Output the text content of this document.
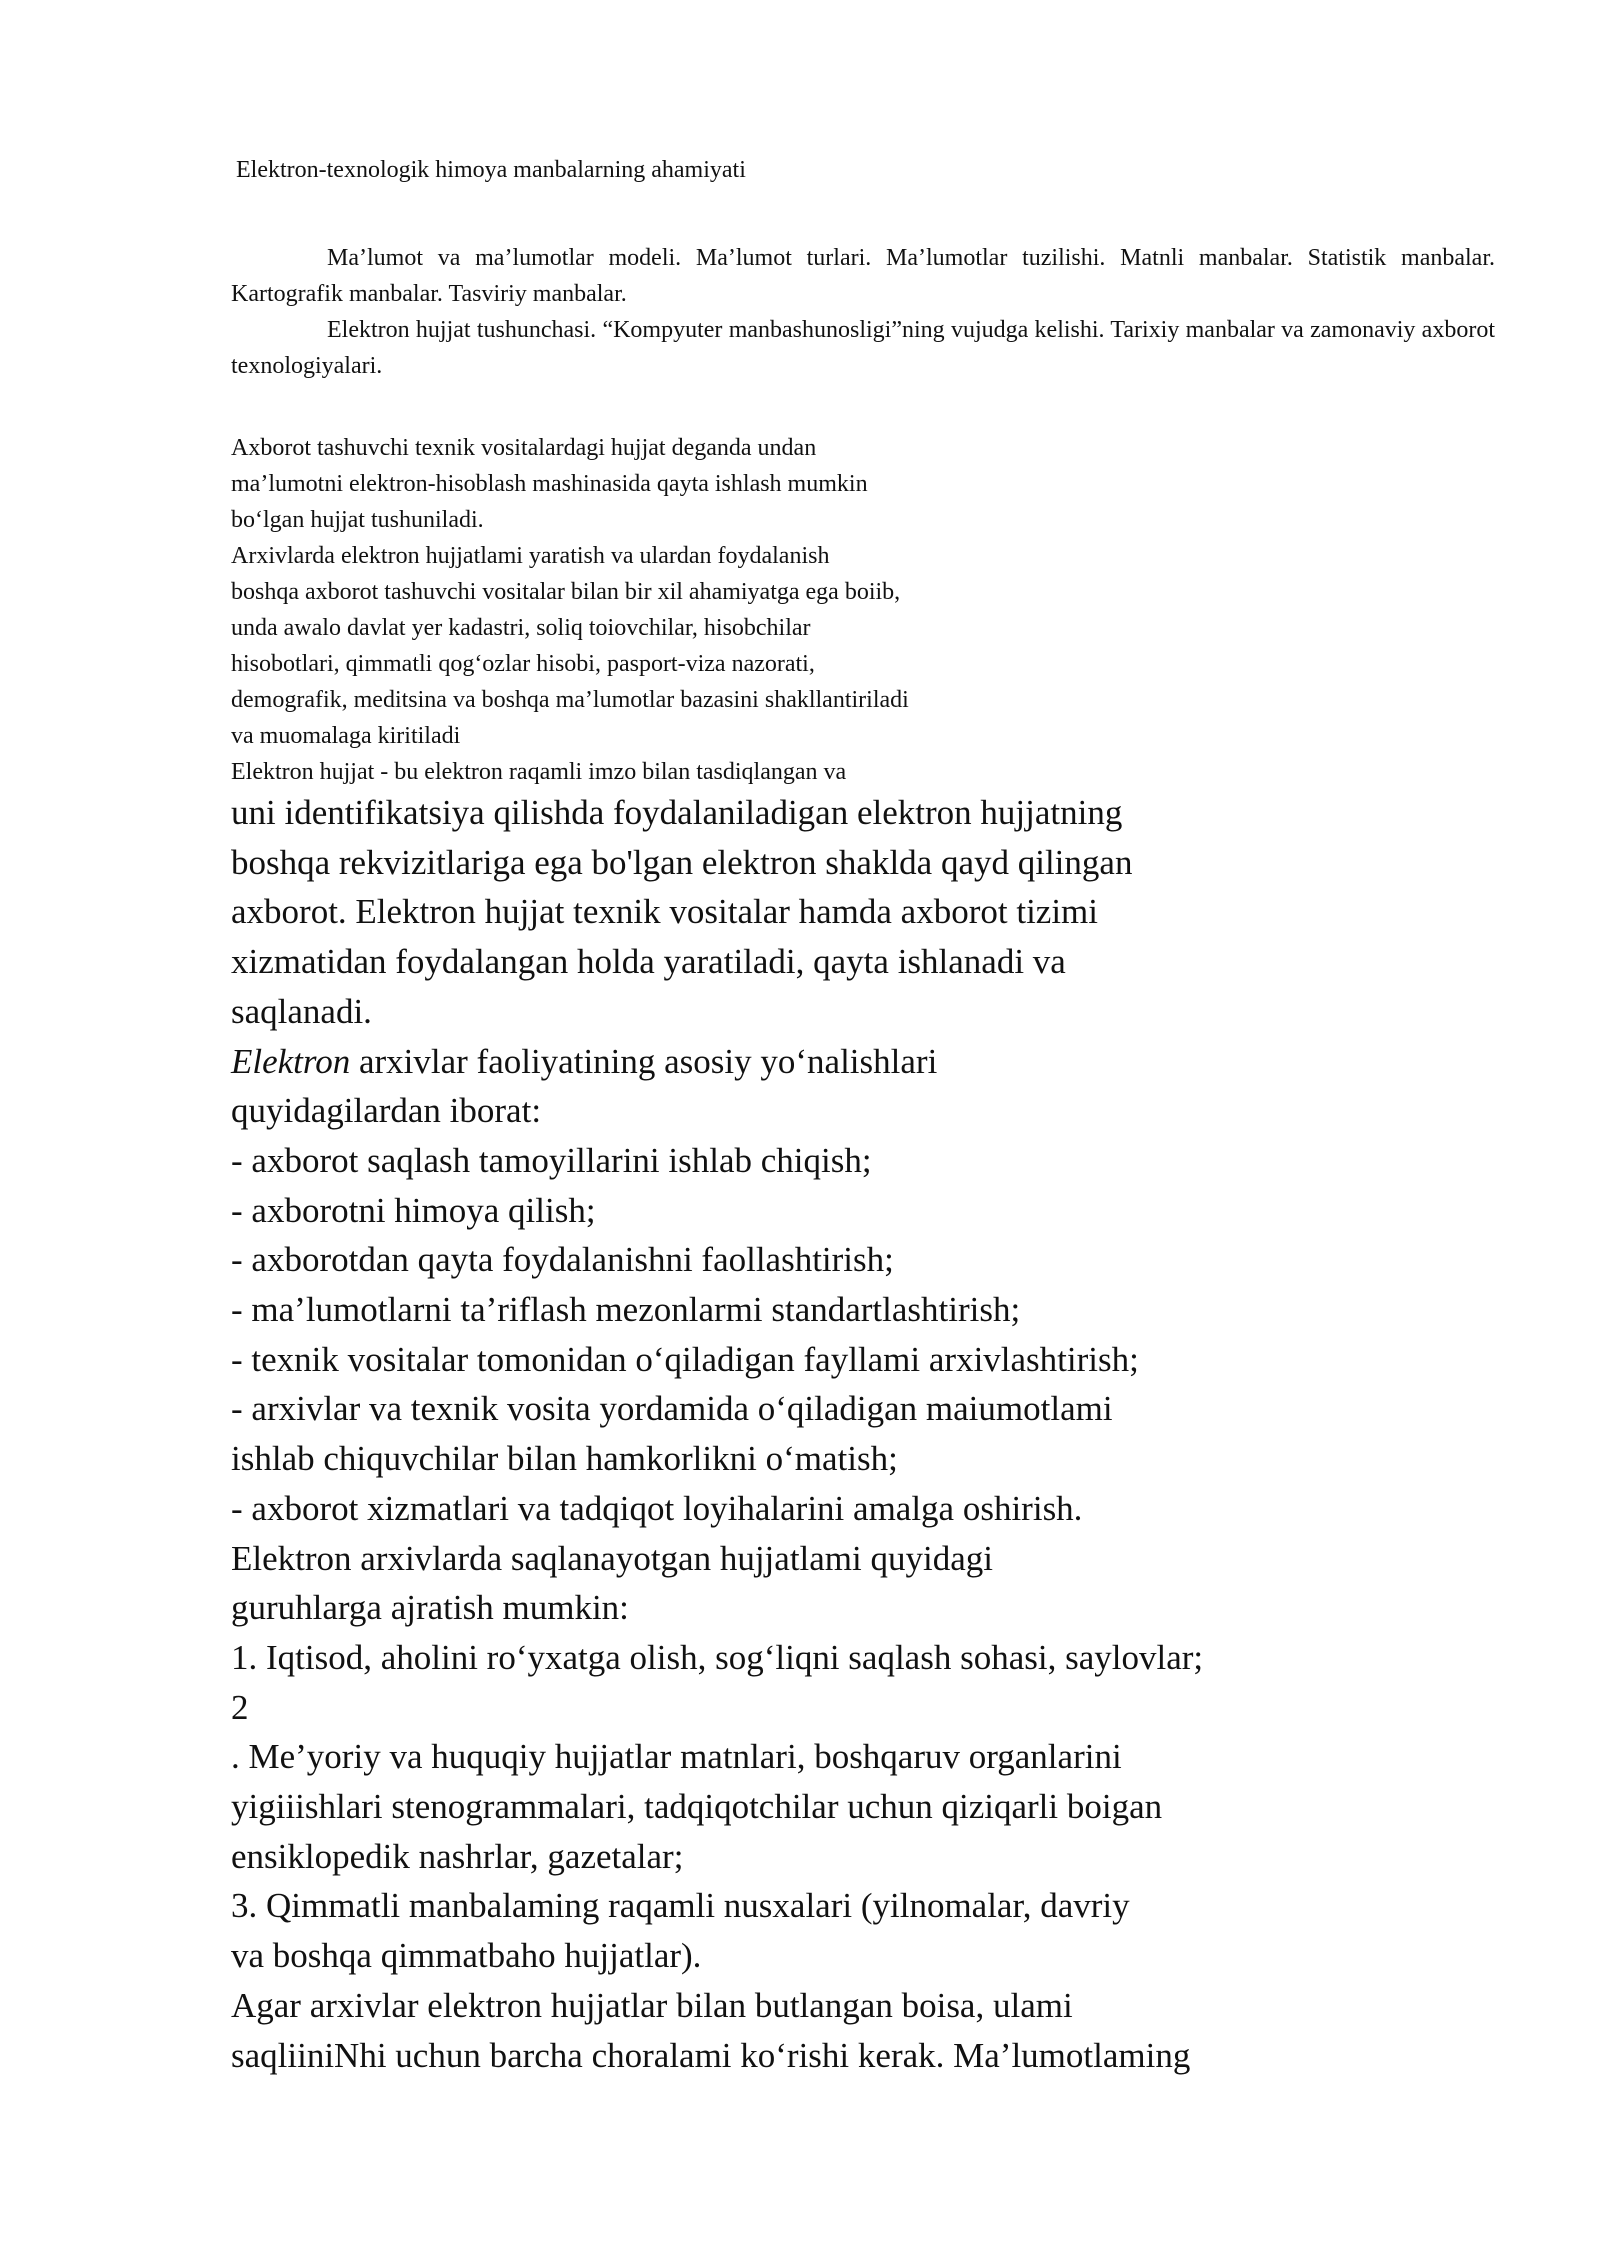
Elektron-texnologik himoya manbalarning ahamiyati

Ma’lumot va ma’lumotlar modeli. Ma’lumot turlari. Ma’lumotlar tuzilishi. Matnli manbalar. Statistik manbalar. Kartografik manbalar. Tasviriy manbalar.

Elektron hujjat tushunchasi. “Kompyuter manbashunosligi”ning vujudga kelishi. Tarixiy manbalar va zamonaviy axborot texnologiyalari.

Axborot tashuvchi texnik vositalardagi hujjat deganda undan
ma’lumotni elektron-hisoblash mashinasida qayta ishlash mumkin
bo‘lgan hujjat tushuniladi.
Arxivlarda elektron hujjatlami yaratish va ulardan foydalanish
boshqa axborot tashuvchi vositalar bilan bir xil ahamiyatga ega boiib,
unda awalo davlat yer kadastri, soliq toiovchilar, hisobchilar
hisobotlari, qimmatli qog‘ozlar hisobi, pasport-viza nazorati,
demografik, meditsina va boshqa ma’lumotlar bazasini shakllantiriladi
va muomalaga kiritiladi
Elektron hujjat - bu elektron raqamli imzo bilan tasdiqlangan va
uni identifikatsiya qilishda foydalaniladigan elektron hujjatning
boshqa rekvizitlariga ega bo'lgan elektron shaklda qayd qilingan
axborot. Elektron hujjat texnik vositalar hamda axborot tizimi
xizmatidan foydalangan holda yaratiladi, qayta ishlanadi va
saqlanadi.
Elektron arxivlar faoliyatining asosiy yo‘nalishlari
quyidagilardan iborat:
- axborot saqlash tamoyillarini ishlab chiqish;
- axborotni himoya qilish;
- axborotdan qayta foydalanishni faollashtirish;
- ma’lumotlarni ta’riflash mezonlarmi standartlashtirish;
- texnik vositalar tomonidan o‘qiladigan fayllami arxivlashtirish;
- arxivlar va texnik vosita yordamida o‘qiladigan maiumotlami
ishlab chiquvchilar bilan hamkorlikni o‘matish;
- axborot xizmatlari va tadqiqot loyihalarini amalga oshirish.
Elektron arxivlarda saqlanayotgan hujjatlami quyidagi
guruhlarga ajratish mumkin:
1. Iqtisod, aholini ro‘yxatga olish, sog‘liqni saqlash sohasi, saylovlar;
2
. Me’yoriy va huquqiy hujjatlar matnlari, boshqaruv organlarini
yigiiishlari stenogrammalari, tadqiqotchilar uchun qiziqarli boigan
ensiklopedik nashrlar, gazetalar;
3. Qimmatli manbalaming raqamli nusxalari (yilnomalar, davriy
va boshqa qimmatbaho hujjatlar).
Agar arxivlar elektron hujjatlar bilan butlangan boisa, ulami
saqliiniNhi uchun barcha choralami ko‘rishi kerak. Ma’lumotlaming
